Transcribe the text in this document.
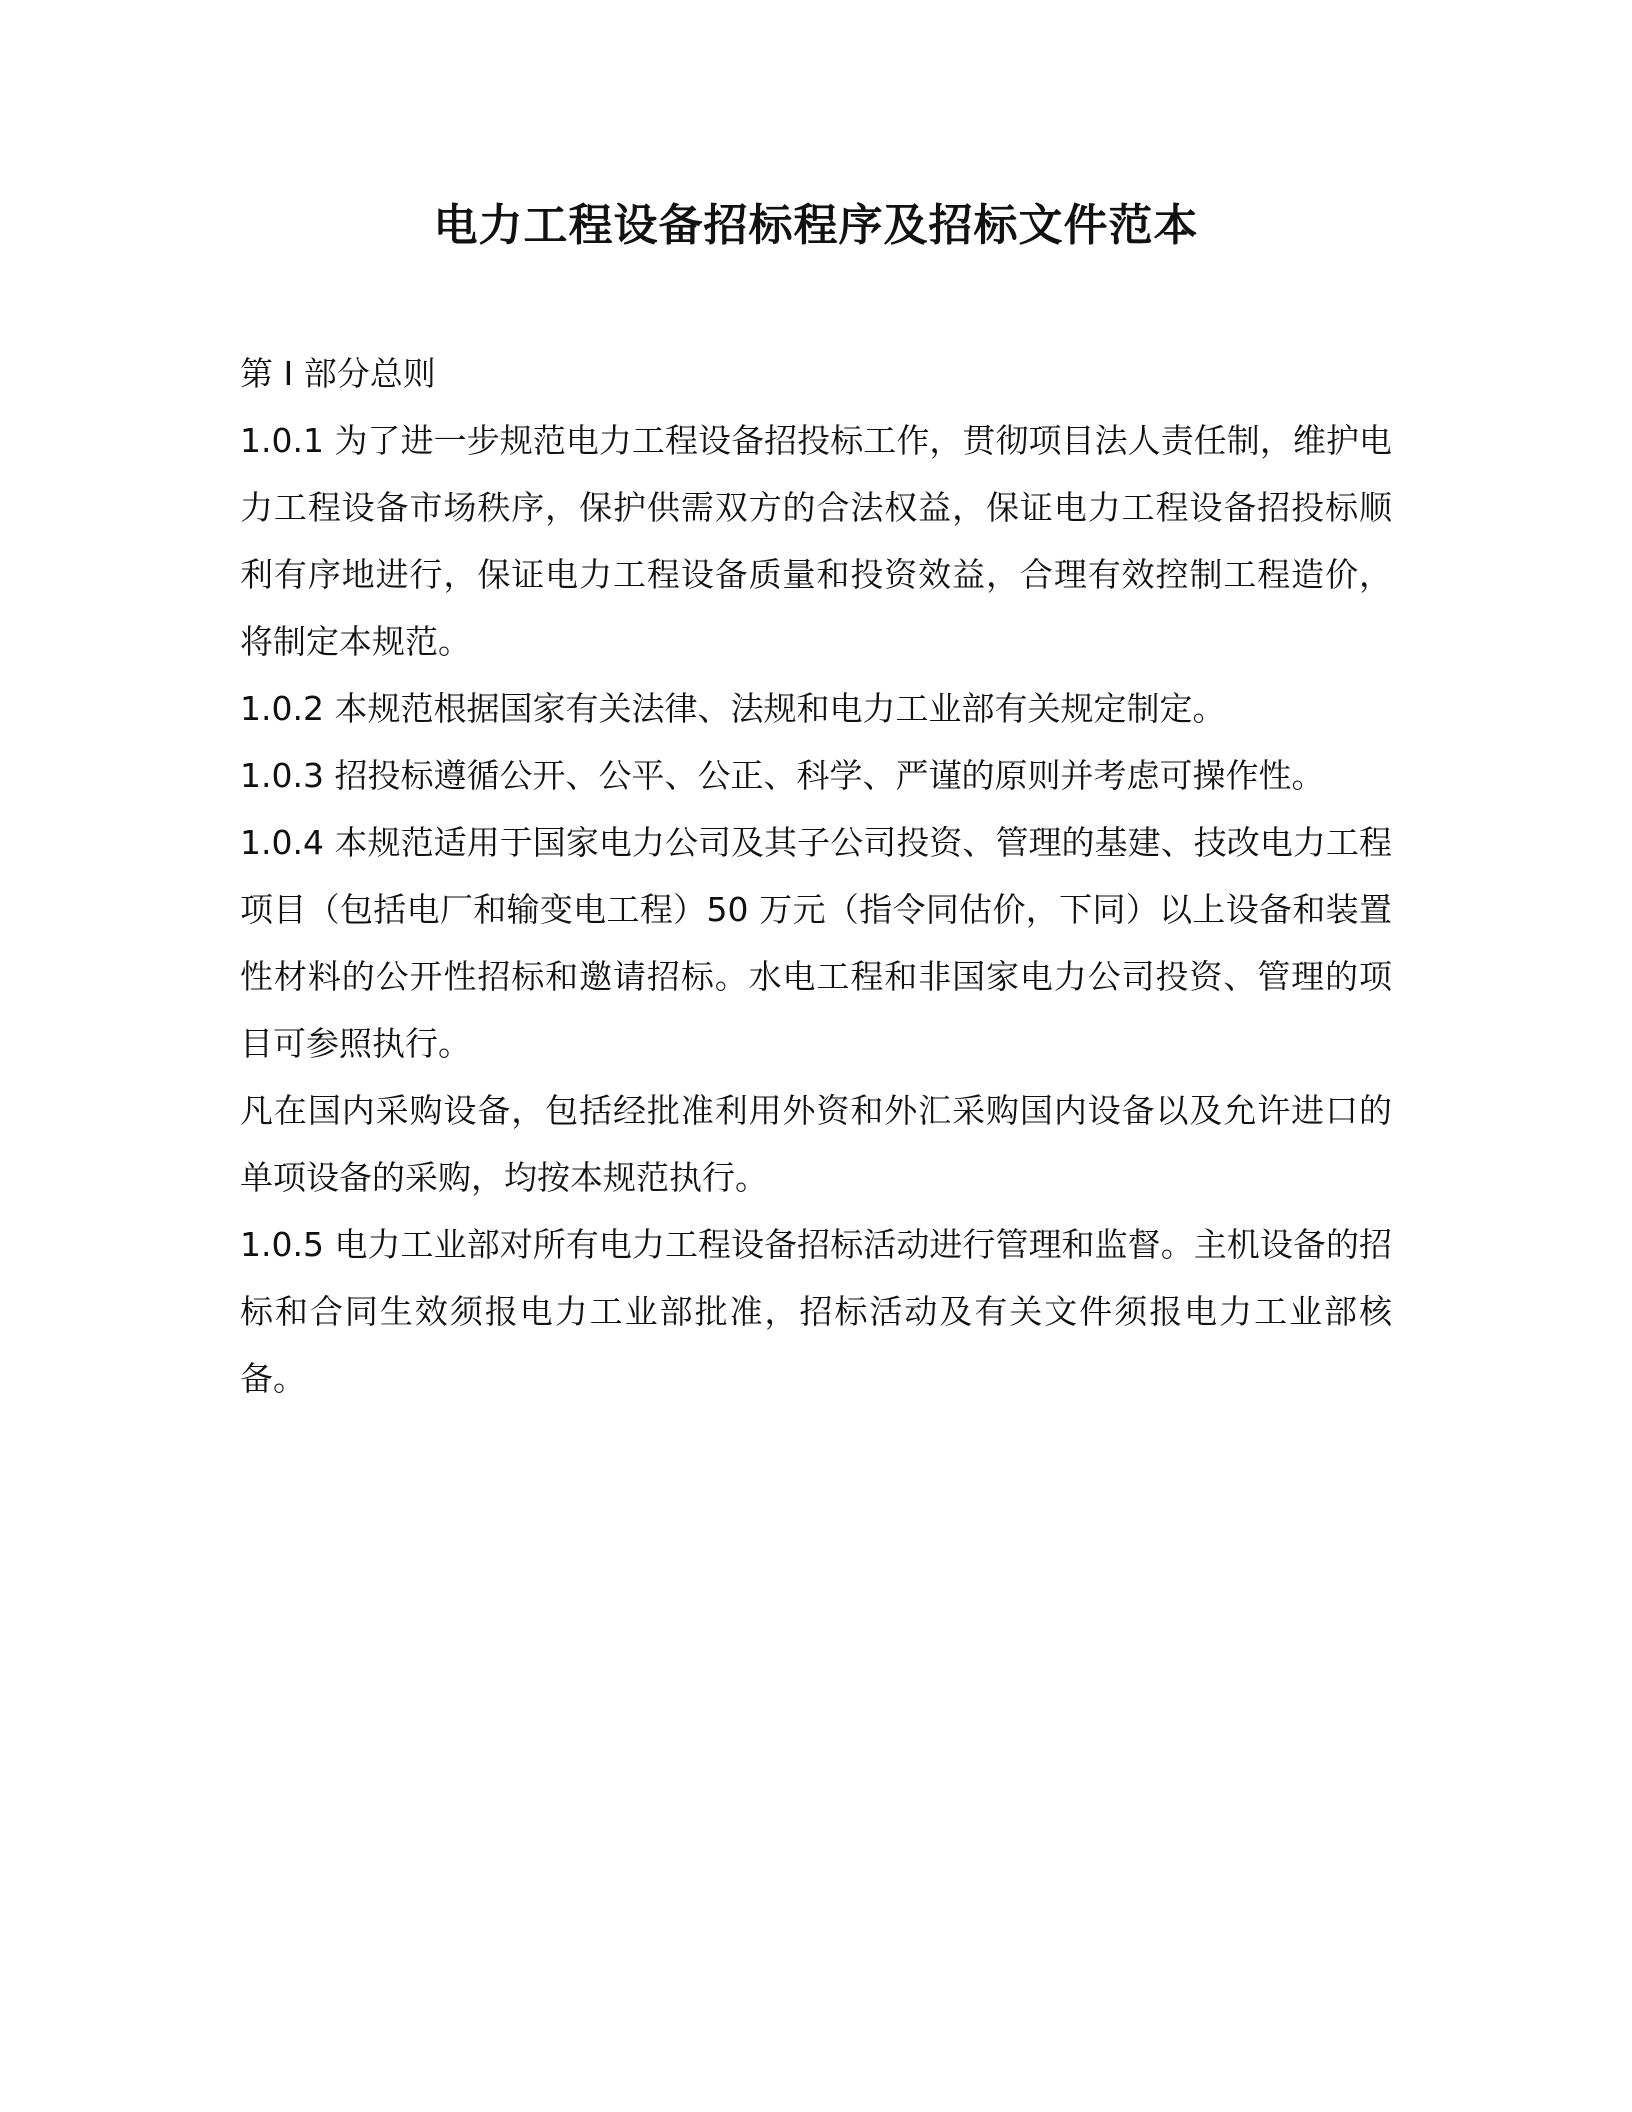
电力工程设备招标程序及招标文件范本

第 I 部分总则

1.0.1 为了进一步规范电力工程设备招投标工作，贯彻项目法人责任制，维护电力工程设备市场秩序，保护供需双方的合法权益，保证电力工程设备招投标顺利有序地进行，保证电力工程设备质量和投资效益，合理有效控制工程造价，将制定本规范。

1.0.2 本规范根据国家有关法律、法规和电力工业部有关规定制定。

1.0.3 招投标遵循公开、公平、公正、科学、严谨的原则并考虑可操作性。

1.0.4 本规范适用于国家电力公司及其子公司投资、管理的基建、技改电力工程项目（包括电厂和输变电工程）50 万元（指令同估价，下同）以上设备和装置性材料的公开性招标和邀请招标。水电工程和非国家电力公司投资、管理的项目可参照执行。

凡在国内采购设备，包括经批准利用外资和外汇采购国内设备以及允许进口的单项设备的采购，均按本规范执行。

1.0.5 电力工业部对所有电力工程设备招标活动进行管理和监督。主机设备的招标和合同生效须报电力工业部批准，招标活动及有关文件须报电力工业部核备。
